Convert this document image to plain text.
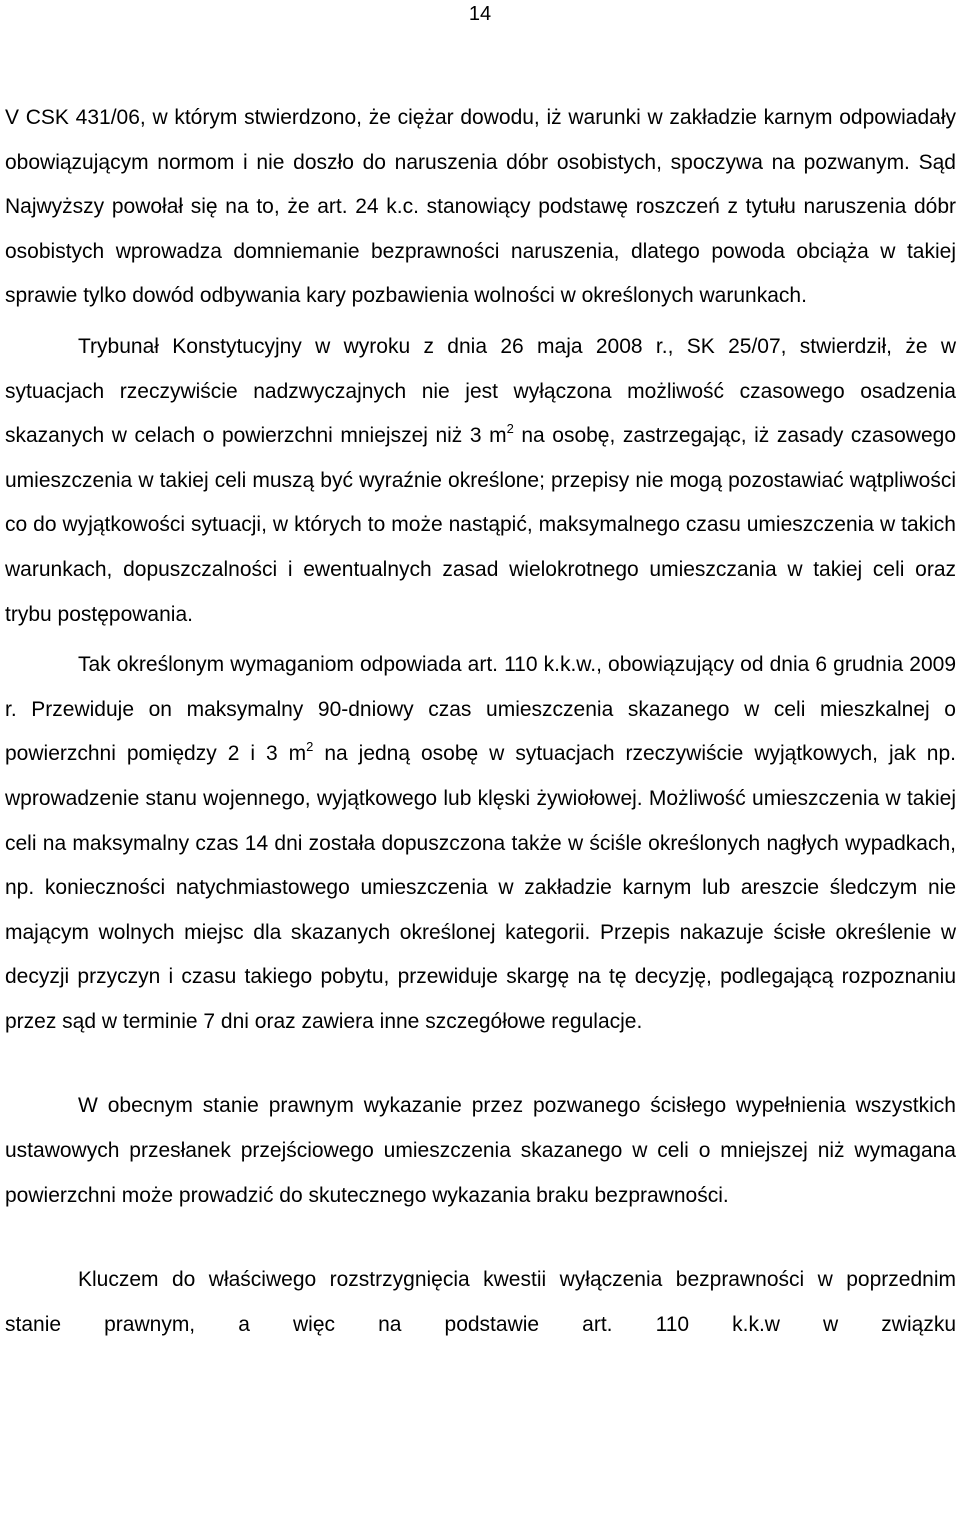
14

V CSK 431/06, w którym stwierdzono, że ciężar dowodu, iż warunki w zakładzie karnym odpowiadały obowiązującym normom i nie doszło do naruszenia dóbr osobistych, spoczywa na pozwanym. Sąd Najwyższy powołał się na to, że art. 24 k.c. stanowiący podstawę roszczeń z tytułu naruszenia dóbr osobistych wprowadza domniemanie bezprawności naruszenia, dlatego powoda obciąża w takiej sprawie tylko dowód odbywania kary pozbawienia wolności w określonych warunkach.

Trybunał Konstytucyjny w wyroku z dnia 26 maja 2008 r., SK 25/07, stwierdził, że w sytuacjach rzeczywiście nadzwyczajnych nie jest wyłączona możliwość czasowego osadzenia skazanych w celach o powierzchni mniejszej niż 3 $m^2$ na osobę, zastrzegając, iż zasady czasowego umieszczenia w takiej celi muszą być wyraźnie określone; przepisy nie mogą pozostawiać wątpliwości co do wyjątkowości sytuacji, w których to może nastąpić, maksymalnego czasu umieszczenia w takich warunkach, dopuszczalności i ewentualnych zasad wielokrotnego umieszczania w takiej celi oraz trybu postępowania.

Tak określonym wymaganiom odpowiada art. 110 k.k.w., obowiązujący od dnia 6 grudnia 2009 r. Przewiduje on maksymalny 90-dniowy czas umieszczenia skazanego w celi mieszkalnej o powierzchni pomiędzy 2 i 3 $m^2$ na jedną osobę w sytuacjach rzeczywiście wyjątkowych, jak np. wprowadzenie stanu wojennego, wyjątkowego lub klęski żywiołowej. Możliwość umieszczenia w takiej celi na maksymalny czas 14 dni została dopuszczona także w ściśle określonych nagłych wypadkach, np. konieczności natychmiastowego umieszczenia w zakładzie karnym lub areszcie śledczym nie mającym wolnych miejsc dla skazanych określonej kategorii. Przepis nakazuje ścisłe określenie w decyzji przyczyn i czasu takiego pobytu, przewiduje skargę na tę decyzję, podlegającą rozpoznaniu przez sąd w terminie 7 dni oraz zawiera inne szczegółowe regulacje.

W obecnym stanie prawnym wykazanie przez pozwanego ścisłego wypełnienia wszystkich ustawowych przesłanek przejściowego umieszczenia skazanego w celi o mniejszej niż wymagana powierzchni może prowadzić do skutecznego wykazania braku bezprawności.

Kluczem do właściwego rozstrzygnięcia kwestii wyłączenia bezprawności w poprzednim stanie prawnym, a więc na podstawie art. 110 k.k.w w związku
